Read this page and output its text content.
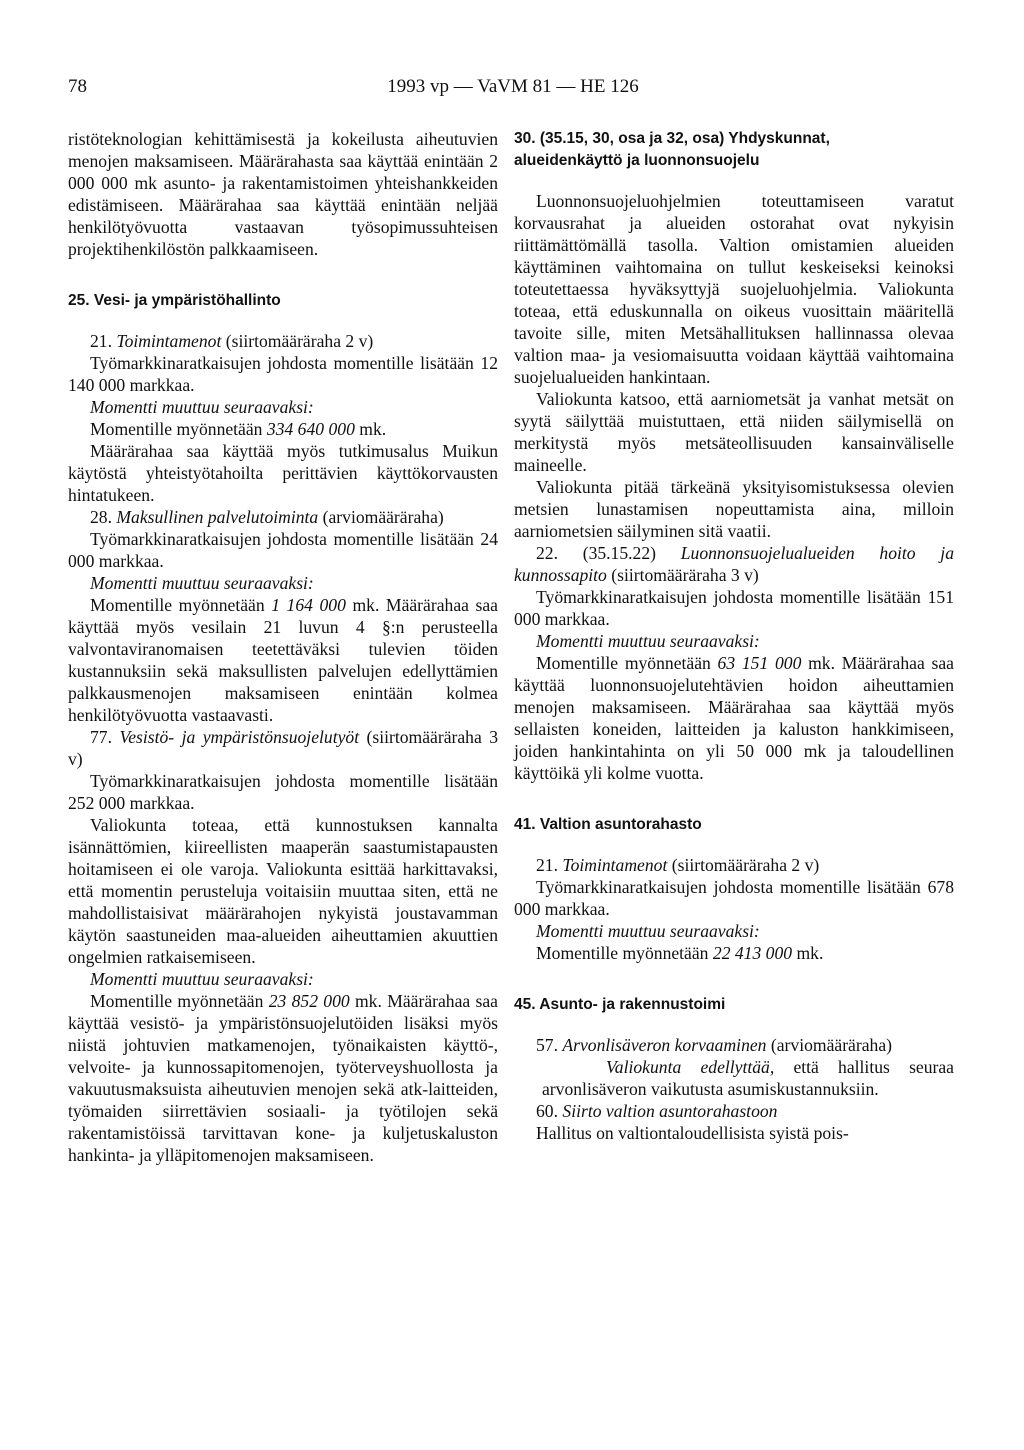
78	1993 vp — VaVM 81 — HE 126

ristöteknologian kehittämisestä ja kokeilusta aiheutuvien menojen maksamiseen. Määrärahasta saa käyttää enintään 2 000 000 mk asunto- ja rakentamistoimen yhteishankkeiden edistämiseen. Määrärahaa saa käyttää enintään neljää henkilötyövuotta vastaavan työsopimussuhteisen projektihenkilöstön palkkaamiseen.

25. Vesi- ja ympäristöhallinto

21. Toimintamenot (siirtomääräraha 2 v)

Työmarkkinaratkaisujen johdosta momentille lisätään 12 140 000 markkaa.

Momentti muuttuu seuraavaksi:

Momentille myönnetään 334 640 000 mk.

Määrärahaa saa käyttää myös tutkimusalus Muikun käytöstä yhteistyötahoilta perittävien käyttökorvausten hintatukeen.

28. Maksullinen palvelutoiminta (arviomääräraha)

Työmarkkinaratkaisujen johdosta momentille lisätään 24 000 markkaa.

Momentti muuttuu seuraavaksi:

Momentille myönnetään 1 164 000 mk. Määrärahaa saa käyttää myös vesilain 21 luvun 4 §:n perusteella valvontaviranomaisen teetettäväksi tulevien töiden kustannuksiin sekä maksullisten palvelujen edellyttämien palkkausmenojen maksamiseen enintään kolmea henkilötyövuotta vastaavasti.

77. Vesistö- ja ympäristönsuojelutyöt (siirtomääräraha 3 v)

Työmarkkinaratkaisujen johdosta momentille lisätään 252 000 markkaa.

Valiokunta toteaa, että kunnostuksen kannalta isännättömien, kiireellisten maaperän saastumistapausten hoitamiseen ei ole varoja. Valiokunta esittää harkittavaksi, että momentin perusteluja voitaisiin muuttaa siten, että ne mahdollistaisivat määrärahojen nykyistä joustavamman käytön saastuneiden maa-alueiden aiheuttamien akuuttien ongelmien ratkaisemiseen.

Momentti muuttuu seuraavaksi:

Momentille myönnetään 23 852 000 mk. Määrärahaa saa käyttää vesistö- ja ympäristönsuojelutöiden lisäksi myös niistä johtuvien matkamenojen, työnaikaisten käyttö-, velvoite- ja kunnossapitomenojen, työterveyshuollosta ja vakuutusmaksuista aiheutuvien menojen sekä atk-laitteiden, työmaiden siirrettävien sosiaali- ja työtilojen sekä rakentamistöissä tarvittavan kone- ja kuljetuskaluston hankinta- ja ylläpitomenojen maksamiseen.

30. (35.15, 30, osa ja 32, osa) Yhdyskunnat,

alueidenkäyttö ja luonnonsuojelu

Luonnonsuojeluohjelmien toteuttamiseen varatut korvausrahat ja alueiden ostorahat ovat nykyisin riittämättömällä tasolla. Valtion omistamien alueiden käyttäminen vaihtomaina on tullut keskeiseksi keinoksi toteutettaessa hyväksyttyjä suojeluohjelmia. Valiokunta toteaa, että eduskunnalla on oikeus vuosittain määritellä tavoite sille, miten Metsähallituksen hallinnassa olevaa valtion maa- ja vesiomaisuutta voidaan käyttää vaihtomaina suojelualueiden hankintaan.

Valiokunta katsoo, että aarniometsät ja vanhat metsät on syytä säilyttää muistuttaen, että niiden säilymisellä on merkitystä myös metsäteollisuuden kansainväliselle maineelle.

Valiokunta pitää tärkeänä yksityisomistuksessa olevien metsien lunastamisen nopeuttamista aina, milloin aarniometsien säilyminen sitä vaatii.

22. (35.15.22) Luonnonsuojelualueiden hoito ja kunnossapito (siirtomääräraha 3 v)

Työmarkkinaratkaisujen johdosta momentille lisätään 151 000 markkaa.

Momentti muuttuu seuraavaksi:

Momentille myönnetään 63 151 000 mk. Määrärahaa saa käyttää luonnonsuojelutehtävien hoidon aiheuttamien menojen maksamiseen. Määrärahaa saa käyttää myös sellaisten koneiden, laitteiden ja kaluston hankkimiseen, joiden hankintahinta on yli 50 000 mk ja taloudellinen käyttöikä yli kolme vuotta.

41. Valtion asuntorahasto

21. Toimintamenot (siirtomääräraha 2 v)

Työmarkkinaratkaisujen johdosta momentille lisätään 678 000 markkaa.

Momentti muuttuu seuraavaksi:

Momentille myönnetään 22 413 000 mk.

45. Asunto- ja rakennustoimi

57. Arvonlisäveron korvaaminen (arviomääräraha)

Valiokunta edellyttää, että hallitus seuraa arvonlisäveron vaikutusta asumiskustannuksiin.

60. Siirto valtion asuntorahastoon

Hallitus on valtiontaloudellisista syistä pois-
